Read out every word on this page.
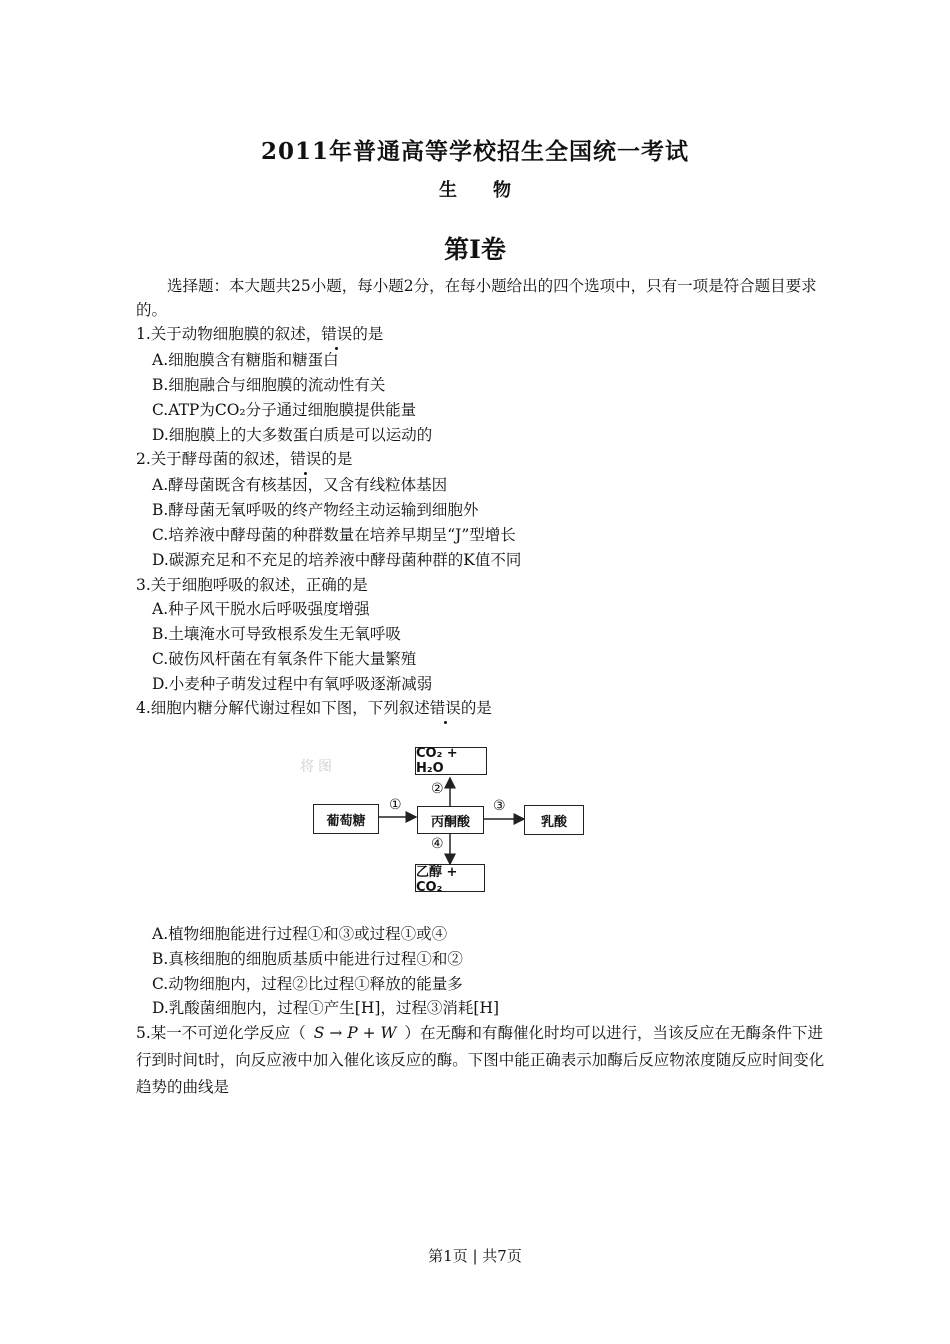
2011年普通高等学校招生全国统一考试
生　　物
第Ⅰ卷
选择题：本大题共25小题，每小题2分，在每小题给出的四个选项中，只有一项是符合题目要求的。
1.关于动物细胞膜的叙述，错误的是
A.细胞膜含有糖脂和糖蛋白
B.细胞融合与细胞膜的流动性有关
C.ATP为CO₂分子通过细胞膜提供能量
D.细胞膜上的大多数蛋白质是可以运动的
2.关于酵母菌的叙述，错误的是
A.酵母菌既含有核基因，又含有线粒体基因
B.酵母菌无氧呼吸的终产物经主动运输到细胞外
C.培养液中酵母菌的种群数量在培养早期呈“J”型增长
D.碳源充足和不充足的培养液中酵母菌种群的K值不同
3.关于细胞呼吸的叙述，正确的是
A.种子风干脱水后呼吸强度增强
B.土壤淹水可导致根系发生无氧呼吸
C.破伤风杆菌在有氧条件下能大量繁殖
D.小麦种子萌发过程中有氧呼吸逐渐减弱
4.细胞内糖分解代谢过程如下图，下列叙述错误的是
将图
CO₂ + H₂O
葡萄糖	丙酮酸	乳酸
乙醇 + CO₂
①
②
③
④
A.植物细胞能进行过程①和③或过程①或④
B.真核细胞的细胞质基质中能进行过程①和②
C.动物细胞内，过程②比过程①释放的能量多
D.乳酸菌细胞内，过程①产生[H]，过程③消耗[H]
5.某一不可逆化学反应（ S → P + W ）在无酶和有酶催化时均可以进行，当该反应在无酶条件下进行到时间t时，向反应液中加入催化该反应的酶。下图中能正确表示加酶后反应物浓度随反应时间变化趋势的曲线是
第1页 | 共7页
